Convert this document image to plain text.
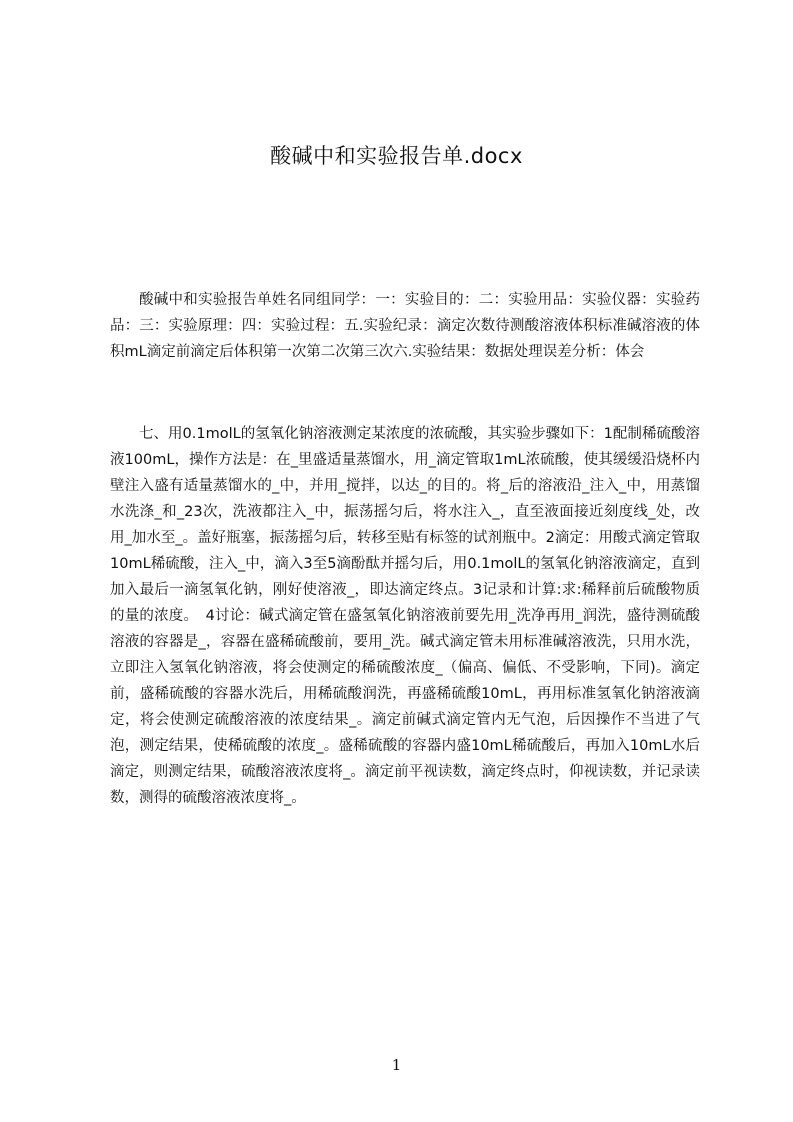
酸碱中和实验报告单.docx

酸碱中和实验报告单姓名同组同学：一：实验目的：二：实验用品：实验仪器：实验药品：三：实验原理：四：实验过程：五.实验纪录：滴定次数待测酸溶液体积标准碱溶液的体积mL滴定前滴定后体积第一次第二次第三次六.实验结果：数据处理误差分析：体会

七、用0.1molL的氢氧化钠溶液测定某浓度的浓硫酸，其实验步骤如下：1配制稀硫酸溶液100mL，操作方法是：在_里盛适量蒸馏水，用_滴定管取1mL浓硫酸，使其缓缓沿烧杯内壁注入盛有适量蒸馏水的_中，并用_搅拌，以达_的目的。将_后的溶液沿_注入_中，用蒸馏水洗涤_和_23次，洗液都注入_中，振荡摇匀后，将水注入_，直至液面接近刻度线_处，改用_加水至_。盖好瓶塞，振荡摇匀后，转移至贴有标签的试剂瓶中。2滴定：用酸式滴定管取10mL稀硫酸，注入_中，滴入3至5滴酚酞并摇匀后，用0.1molL的氢氧化钠溶液滴定，直到加入最后一滴氢氧化钠，刚好使溶液_，即达滴定终点。3记录和计算:求:稀释前后硫酸物质的量的浓度。　4讨论：碱式滴定管在盛氢氧化钠溶液前要先用_洗净再用_润洗，盛待测硫酸溶液的容器是_，容器在盛稀硫酸前，要用_洗。碱式滴定管未用标准碱溶液洗，只用水洗，立即注入氢氧化钠溶液，将会使测定的稀硫酸浓度_（偏高、偏低、不受影响，下同)。滴定前，盛稀硫酸的容器水洗后，用稀硫酸润洗，再盛稀硫酸10mL，再用标准氢氧化钠溶液滴定，将会使测定硫酸溶液的浓度结果_。滴定前碱式滴定管内无气泡，后因操作不当进了气泡，测定结果，使稀硫酸的浓度_。盛稀硫酸的容器内盛10mL稀硫酸后，再加入10mL水后滴定，则测定结果，硫酸溶液浓度将_。滴定前平视读数，滴定终点时，仰视读数，并记录读数，测得的硫酸溶液浓度将_。

1
